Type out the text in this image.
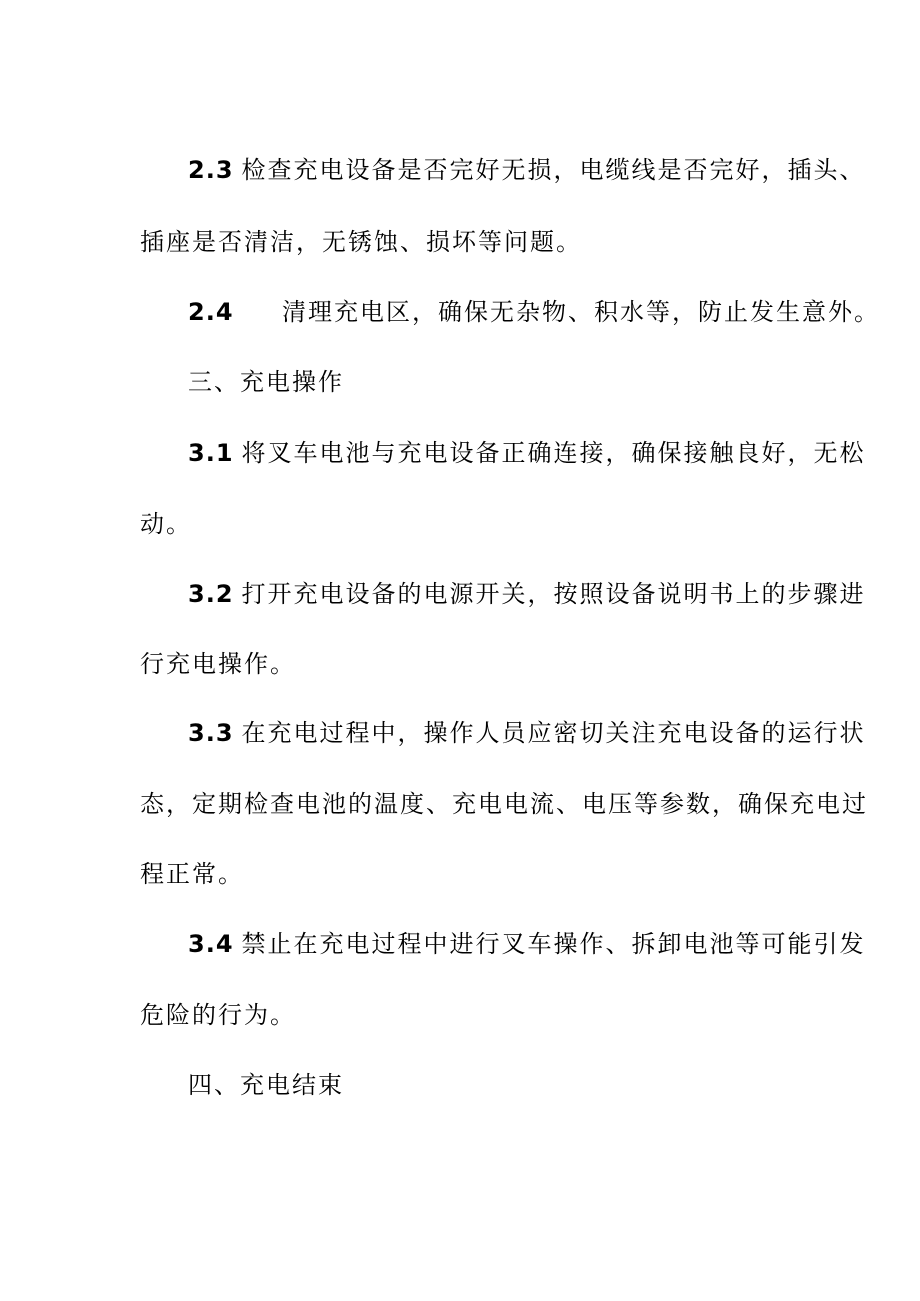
2.3 检查充电设备是否完好无损，电缆线是否完好，插头、
插座是否清洁，无锈蚀、损坏等问题。
2.4 清理充电区，确保无杂物、积水等，防止发生意外。
三、充电操作
3.1 将叉车电池与充电设备正确连接，确保接触良好，无松
动。
3.2 打开充电设备的电源开关，按照设备说明书上的步骤进
行充电操作。
3.3 在充电过程中，操作人员应密切关注充电设备的运行状
态，定期检查电池的温度、充电电流、电压等参数，确保充电过
程正常。
3.4 禁止在充电过程中进行叉车操作、拆卸电池等可能引发
危险的行为。
四、充电结束
